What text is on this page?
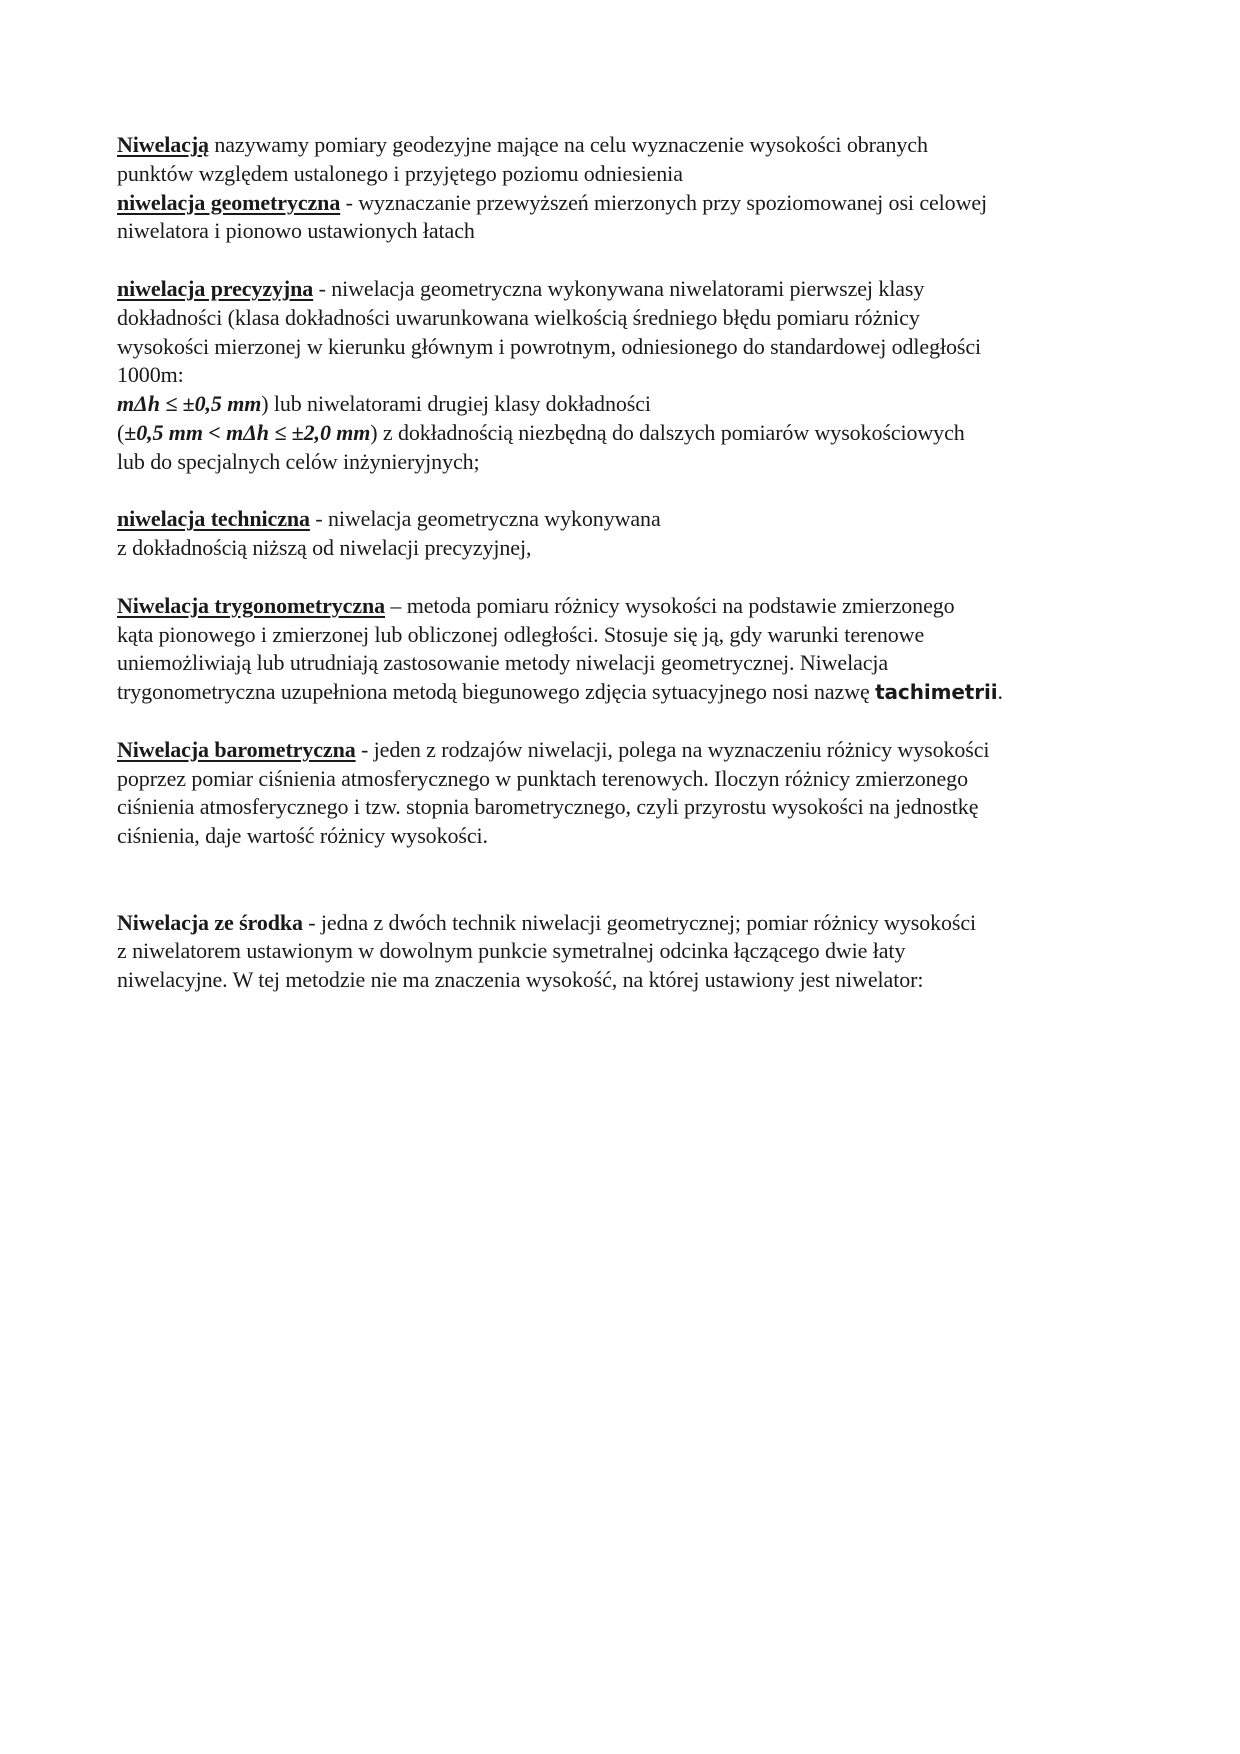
Niwelacją nazywamy pomiary geodezyjne mające na celu wyznaczenie wysokości obranych
punktów względem ustalonego i przyjętego poziomu odniesienia
niwelacja geometryczna - wyznaczanie przewyższeń mierzonych przy spoziomowanej osi celowej
niwelatora i pionowo ustawionych łatach
niwelacja precyzyjna - niwelacja geometryczna wykonywana niwelatorami pierwszej klasy
dokładności (klasa dokładności uwarunkowana wielkością średniego błędu pomiaru różnicy
wysokości mierzonej w kierunku głównym i powrotnym, odniesionego do standardowej odległości
1000m:
mΔh ≤ ±0,5 mm) lub niwelatorami drugiej klasy dokładności
(±0,5 mm < mΔh ≤ ±2,0 mm) z dokładnością niezbędną do dalszych pomiarów wysokościowych
lub do specjalnych celów inżynieryjnych;
niwelacja techniczna - niwelacja geometryczna wykonywana
z dokładnością niższą od niwelacji precyzyjnej,
Niwelacja trygonometryczna – metoda pomiaru różnicy wysokości na podstawie zmierzonego
kąta pionowego i zmierzonej lub obliczonej odległości. Stosuje się ją, gdy warunki terenowe
uniemożliwiają lub utrudniają zastosowanie metody niwelacji geometrycznej. Niwelacja
trygonometryczna uzupełniona metodą biegunowego zdjęcia sytuacyjnego nosi nazwę tachimetrii.
Niwelacja barometryczna - jeden z rodzajów niwelacji, polega na wyznaczeniu różnicy wysokości
poprzez pomiar ciśnienia atmosferycznego w punktach terenowych. Iloczyn różnicy zmierzonego
ciśnienia atmosferycznego i tzw. stopnia barometrycznego, czyli przyrostu wysokości na jednostkę
ciśnienia, daje wartość różnicy wysokości.
Niwelacja ze środka - jedna z dwóch technik niwelacji geometrycznej; pomiar różnicy wysokości
z niwelatorem ustawionym w dowolnym punkcie symetralnej odcinka łączącego dwie łaty
niwelacyjne. W tej metodzie nie ma znaczenia wysokość, na której ustawiony jest niwelator:
